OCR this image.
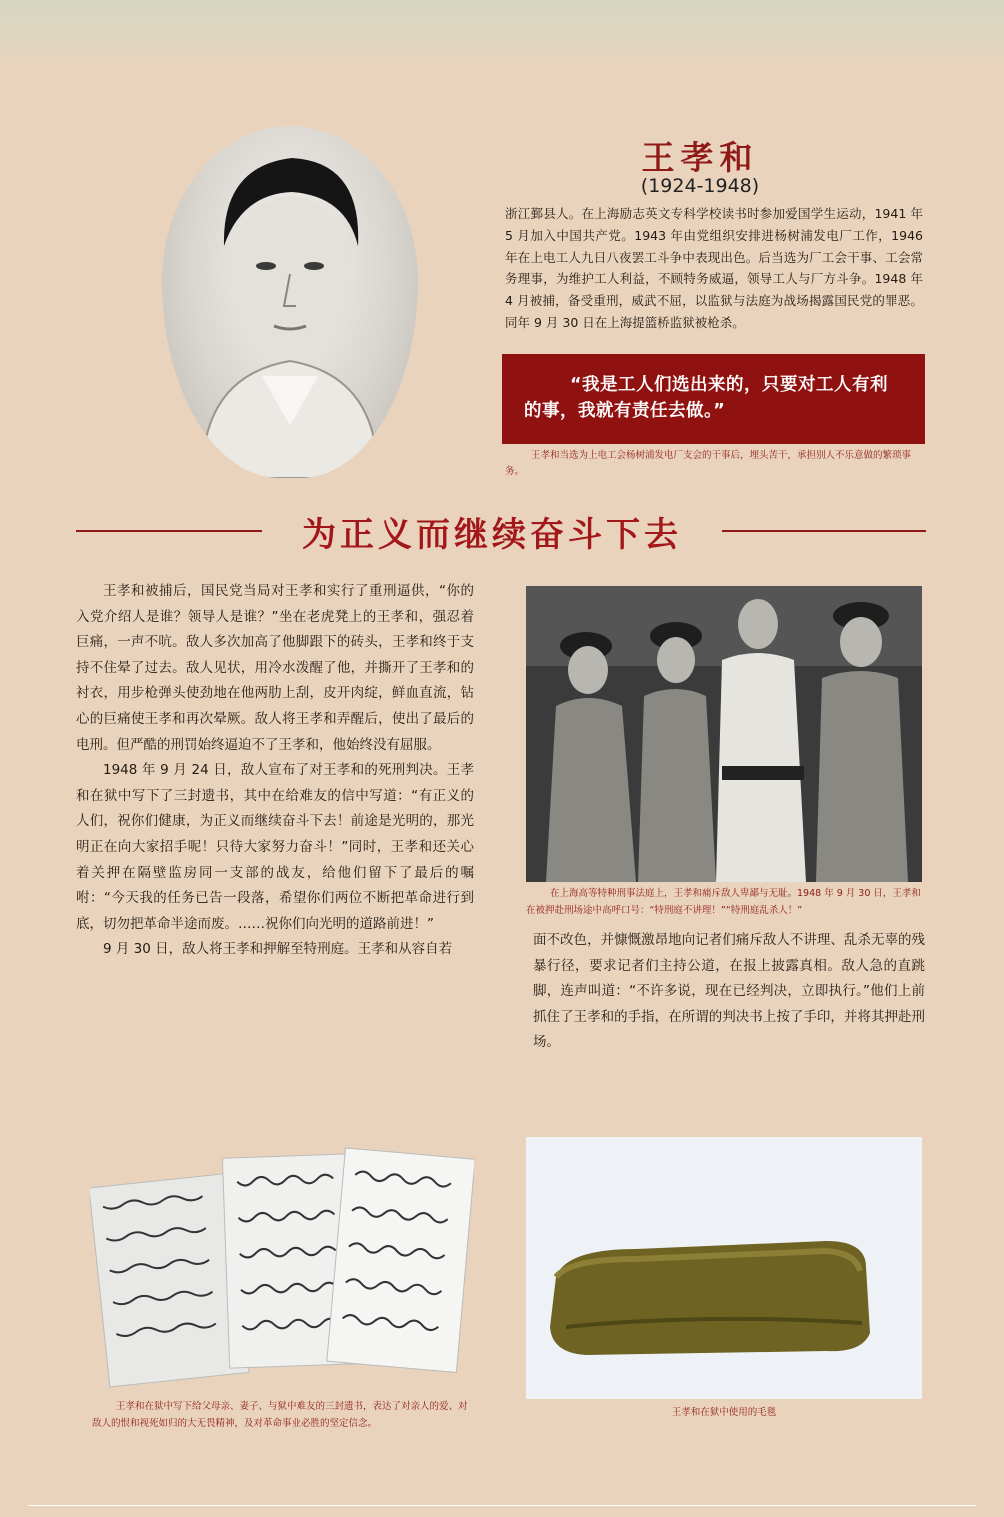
王孝和
(1924-1948)
浙江鄞县人。在上海励志英文专科学校读书时参加爱国学生运动，1941 年 5 月加入中国共产党。1943 年由党组织安排进杨树浦发电厂工作，1946 年在上电工人九日八夜罢工斗争中表现出色。后当选为厂工会干事、工会常务理事，为维护工人利益，不顾特务威逼，领导工人与厂方斗争。1948 年 4 月被捕，备受重刑，威武不屈，以监狱与法庭为战场揭露国民党的罪恶。同年 9 月 30 日在上海提篮桥监狱被枪杀。
“我是工人们选出来的，只要对工人有利的事，我就有责任去做。”
王孝和当选为上电工会杨树浦发电厂支会的干事后，埋头苦干，承担别人不乐意做的繁琐事务。
为正义而继续奋斗下去

王孝和被捕后，国民党当局对王孝和实行了重刑逼供，“你的入党介绍人是谁？领导人是谁？”坐在老虎凳上的王孝和，强忍着巨痛，一声不吭。敌人多次加高了他脚跟下的砖头，王孝和终于支持不住晕了过去。敌人见状，用冷水泼醒了他，并撕开了王孝和的衬衣，用步枪弹头使劲地在他两肋上刮，皮开肉绽，鲜血直流，钻心的巨痛使王孝和再次晕厥。敌人将王孝和弄醒后，使出了最后的电刑。但严酷的刑罚始终逼迫不了王孝和，他始终没有屈服。

1948 年 9 月 24 日，敌人宣布了对王孝和的死刑判决。王孝和在狱中写下了三封遗书，其中在给难友的信中写道：“有正义的人们，祝你们健康，为正义而继续奋斗下去！前途是光明的，那光明正在向大家招手呢！只待大家努力奋斗！”同时，王孝和还关心着关押在隔壁监房同一支部的战友，给他们留下了最后的嘱咐：“今天我的任务已告一段落，希望你们两位不断把革命进行到底，切勿把革命半途而废。……祝你们向光明的道路前进！”

9 月 30 日，敌人将王孝和押解至特刑庭。王孝和从容自若

在上海高等特种刑事法庭上，王孝和痛斥敌人卑鄙与无耻。1948 年 9 月 30 日，王孝和在被押赴刑场途中高呼口号：“特刑庭不讲理！”“特刑庭乱杀人！”

面不改色，并慷慨激昂地向记者们痛斥敌人不讲理、乱杀无辜的残暴行径，要求记者们主持公道，在报上披露真相。敌人急的直跳脚，连声叫道：“不许多说，现在已经判决，立即执行。”他们上前抓住了王孝和的手指，在所谓的判决书上按了手印，并将其押赴刑场。

王孝和在狱中写下给父母亲、妻子、与狱中难友的三封遗书，表达了对亲人的爱、对敌人的恨和视死如归的大无畏精神，及对革命事业必胜的坚定信念。
王孝和在狱中使用的毛毯
